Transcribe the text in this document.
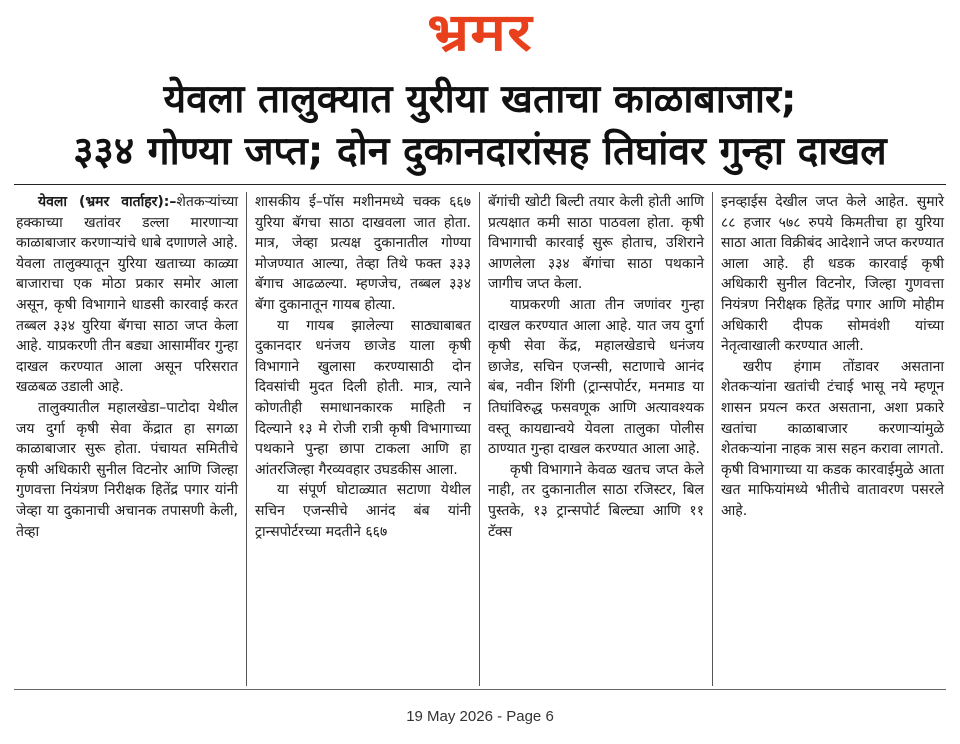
भ्रमर
येवला तालुक्यात युरीया खताचा काळाबाजार;
३३४ गोण्या जप्त; दोन दुकानदारांसह तिघांवर गुन्हा दाखल

येवला (भ्रमर वार्ताहर):–शेतकऱ्यांच्या हक्काच्या खतांवर डल्ला मारणाऱ्या काळाबाजार करणाऱ्यांचे धाबे दणाणले आहे. येवला तालुक्यातून युरिया खताच्या काळ्या बाजाराचा एक मोठा प्रकार समोर आला असून, कृषी विभागाने धाडसी कारवाई करत तब्बल ३३४ युरिया बॅगचा साठा जप्त केला आहे. याप्रकरणी तीन बड्या आसामींवर गुन्हा दाखल करण्यात आला असून परिसरात खळबळ उडाली आहे.

तालुक्यातील महालखेडा–पाटोदा येथील जय दुर्गा कृषी सेवा केंद्रात हा सगळा काळाबाजार सुरू होता. पंचायत समितीचे कृषी अधिकारी सुनील विटनोर आणि जिल्हा गुणवत्ता नियंत्रण निरीक्षक हितेंद्र पगार यांनी जेव्हा या दुकानाची अचानक तपासणी केली, तेव्हा

शासकीय ई–पॉस मशीनमध्ये चक्क ६६७ युरिया बॅगचा साठा दाखवला जात होता. मात्र, जेव्हा प्रत्यक्ष दुकानातील गोण्या मोजण्यात आल्या, तेव्हा तिथे फक्त ३३३ बॅगाच आढळल्या. म्हणजेच, तब्बल ३३४ बॅगा दुकानातून गायब होत्या.

या गायब झालेल्या साठ्याबाबत दुकानदार धनंजय छाजेड याला कृषी विभागाने खुलासा करण्यासाठी दोन दिवसांची मुदत दिली होती. मात्र, त्याने कोणतीही समाधानकारक माहिती न दिल्याने १३ मे रोजी रात्री कृषी विभागाच्या पथकाने पुन्हा छापा टाकला आणि हा आंतरजिल्हा गैरव्यवहार उघडकीस आला.

या संपूर्ण घोटाळ्यात सटाणा येथील सचिन एजन्सीचे आनंद बंब यांनी ट्रान्सपोर्टरच्या मदतीने ६६७

बॅगांची खोटी बिल्टी तयार केली होती आणि प्रत्यक्षात कमी साठा पाठवला होता. कृषी विभागाची कारवाई सुरू होताच, उशिराने आणलेला ३३४ बॅगांचा साठा पथकाने जागीच जप्त केला.

याप्रकरणी आता तीन जणांवर गुन्हा दाखल करण्यात आला आहे. यात जय दुर्गा कृषी सेवा केंद्र, महालखेडाचे धनंजय छाजेड, सचिन एजन्सी, सटाणाचे आनंद बंब, नवीन शिंगी (ट्रान्सपोर्टर, मनमाड या तिघांविरुद्ध फसवणूक आणि अत्यावश्यक वस्तू कायद्यान्वये येवला तालुका पोलीस ठाण्यात गुन्हा दाखल करण्यात आला आहे.

कृषी विभागाने केवळ खतच जप्त केले नाही, तर दुकानातील साठा रजिस्टर, बिल पुस्तके, १३ ट्रान्सपोर्ट बिल्ट्या आणि ११ टॅक्स

इनव्हाईस देखील जप्त केले आहेत. सुमारे ८८ हजार ५७८ रुपये किमतीचा हा युरिया साठा आता विक्रीबंद आदेशाने जप्त करण्यात आला आहे. ही धडक कारवाई कृषी अधिकारी सुनील विटनोर, जिल्हा गुणवत्ता नियंत्रण निरीक्षक हितेंद्र पगार आणि मोहीम अधिकारी दीपक सोमवंशी यांच्या नेतृत्वाखाली करण्यात आली.

खरीप हंगाम तोंडावर असताना शेतकऱ्यांना खतांची टंचाई भासू नये म्हणून शासन प्रयत्न करत असताना, अशा प्रकारे खतांचा काळाबाजार करणाऱ्यांमुळे शेतकऱ्यांना नाहक त्रास सहन करावा लागतो. कृषी विभागाच्या या कडक कारवाईमुळे आता खत माफियांमध्ये भीतीचे वातावरण पसरले आहे.

19 May 2026 - Page 6
